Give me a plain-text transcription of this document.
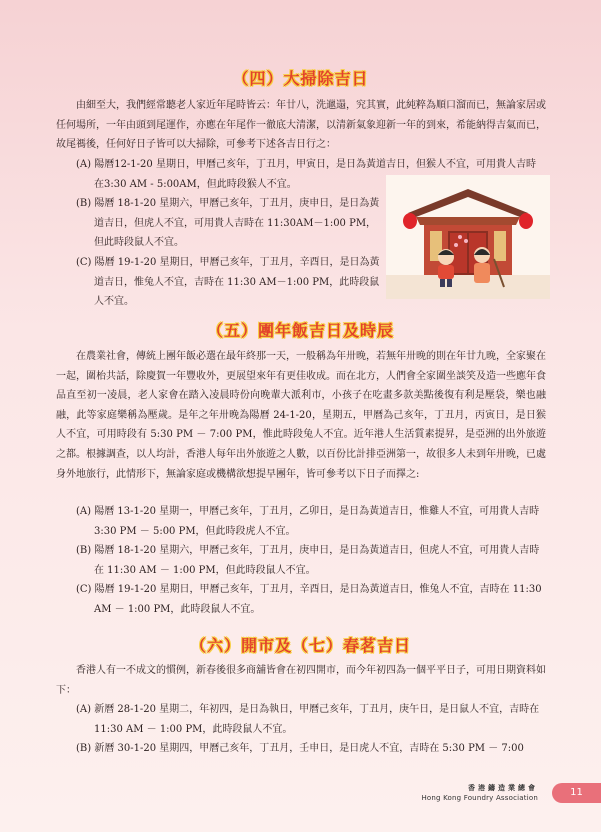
（四）大掃除吉日

由細至大，我們經常聽老人家近年尾時皆云：年廿八，洗邋遢，究其實，此純粹為順口溜而已，無論家居或任何場所，一年由頭到尾運作，亦應在年尾作一徹底大清潔，以清新氣象迎新一年的到來，希能納得吉氣而已，故尾禡後，任何好日子皆可以大掃除，可參考下述各吉日行之：

(A) 陽曆12-1-20 星期日，甲曆己亥年，丁丑月，甲寅日，是日為黃道吉日，但猴人不宜，可用貴人吉時在3:30 AM - 5:00AM，但此時段猴人不宜。

(B) 陽曆 18-1-20 星期六，甲曆己亥年，丁丑月，庚申日，是日為黃道吉日，但虎人不宜，可用貴人吉時在 11:30AM－1:00 PM，但此時段鼠人不宜。

(C) 陽曆 19-1-20 星期日，甲曆己亥年，丁丑月，辛酉日，是日為黃道吉日，惟兔人不宜，吉時在 11:30 AM－1:00 PM，此時段鼠人不宜。

（五）團年飯吉日及時辰

在農業社會，傳統上團年飯必選在最年終那一天，一般稱為年卅晚，若無年卅晚的則在年廿九晚，全家聚在一起，圍枱共話，除慶賀一年豐收外，更展望來年有更佳收成。而在北方，人們會全家圍坐談笑及造一些應年食品直至初一凌晨，老人家會在踏入凌晨時份向晚輩大派利市，小孩子在吃畫多款美點後復有利是壓袋，樂也融融，此等家庭樂稱為壓歲。是年之年卅晚為陽曆 24-1-20，星期五，甲曆為己亥年，丁丑月，丙寅日，是日猴人不宜，可用時段有 5:30 PM － 7:00 PM，惟此時段兔人不宜。近年港人生活質素提昇，是亞洲的出外旅遊之都。根據調查，以人均計，香港人每年出外旅遊之人數，以百份比計排亞洲第一，故很多人未到年卅晚，已處身外地旅行，此情形下，無論家庭或機構欲想提早團年，皆可參考以下日子而擇之:

(A) 陽曆 13-1-20 星期一，甲曆己亥年，丁丑月，乙卯日，是日為黃道吉日，惟雞人不宜，可用貴人吉時3:30 PM － 5:00 PM，但此時段虎人不宜。

(B) 陽曆 18-1-20 星期六，甲曆己亥年，丁丑月，庚申日，是日為黃道吉日，但虎人不宜，可用貴人吉時在 11:30 AM － 1:00 PM，但此時段鼠人不宜。

(C) 陽曆 19-1-20 星期日，甲曆己亥年，丁丑月，辛酉日，是日為黃道吉日，惟兔人不宜，吉時在 11:30 AM － 1:00 PM，此時段鼠人不宜。

（六）開市及（七）春茗吉日

香港人有一不成文的慣例，新春後很多商舖皆會在初四開市，而今年初四為一個平平日子，可用日期資料如下：

(A) 新曆 28-1-20 星期二，年初四，是日為執日，甲曆己亥年，丁丑月，庚午日，是日鼠人不宜，吉時在 11:30 AM － 1:00 PM，此時段鼠人不宜。

(B) 新曆 30-1-20 星期四，甲曆己亥年，丁丑月，壬申日，是日虎人不宜，吉時在 5:30 PM － 7:00

香港鑄造業總會
Hong Kong Foundry Association	11
